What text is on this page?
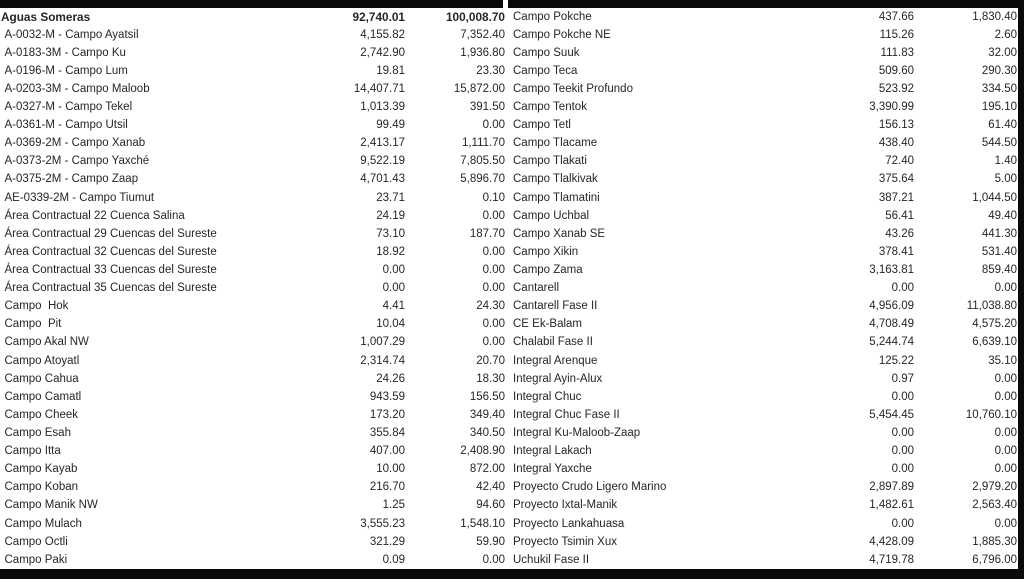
Aguas Someras	92,740.01	100,008.70
A-0032-M - Campo Ayatsil	4,155.82	7,352.40
A-0183-3M - Campo Ku	2,742.90	1,936.80
A-0196-M - Campo Lum	19.81	23.30
A-0203-3M - Campo Maloob	14,407.71	15,872.00
A-0327-M - Campo Tekel	1,013.39	391.50
A-0361-M - Campo Utsil	99.49	0.00
A-0369-2M - Campo Xanab	2,413.17	1,111.70
A-0373-2M - Campo Yaxché	9,522.19	7,805.50
A-0375-2M - Campo Zaap	4,701.43	5,896.70
AE-0339-2M - Campo Tiumut	23.71	0.10
Área Contractual 22 Cuenca Salina	24.19	0.00
Área Contractual 29 Cuencas del Sureste	73.10	187.70
Área Contractual 32 Cuencas del Sureste	18.92	0.00
Área Contractual 33 Cuencas del Sureste	0.00	0.00
Área Contractual 35 Cuencas del Sureste	0.00	0.00
Campo  Hok	4.41	24.30
Campo  Pit	10.04	0.00
Campo Akal NW	1,007.29	0.00
Campo Atoyatl	2,314.74	20.70
Campo Cahua	24.26	18.30
Campo Camatl	943.59	156.50
Campo Cheek	173.20	349.40
Campo Esah	355.84	340.50
Campo Itta	407.00	2,408.90
Campo Kayab	10.00	872.00
Campo Koban	216.70	42.40
Campo Manik NW	1.25	94.60
Campo Mulach	3,555.23	1,548.10
Campo Octli	321.29	59.90
Campo Paki	0.09	0.00
Campo Pokche	437.66	1,830.40
Campo Pokche NE	115.26	2.60
Campo Suuk	111.83	32.00
Campo Teca	509.60	290.30
Campo Teekit Profundo	523.92	334.50
Campo Tentok	3,390.99	195.10
Campo Tetl	156.13	61.40
Campo Tlacame	438.40	544.50
Campo Tlakati	72.40	1.40
Campo Tlalkivak	375.64	5.00
Campo Tlamatini	387.21	1,044.50
Campo Uchbal	56.41	49.40
Campo Xanab SE	43.26	441.30
Campo Xikin	378.41	531.40
Campo Zama	3,163.81	859.40
Cantarell	0.00	0.00
Cantarell Fase II	4,956.09	11,038.80
CE Ek-Balam	4,708.49	4,575.20
Chalabil Fase II	5,244.74	6,639.10
Integral Arenque	125.22	35.10
Integral Ayin-Alux	0.97	0.00
Integral Chuc	0.00	0.00
Integral Chuc Fase II	5,454.45	10,760.10
Integral Ku-Maloob-Zaap	0.00	0.00
Integral Lakach	0.00	0.00
Integral Yaxche	0.00	0.00
Proyecto Crudo Ligero Marino	2,897.89	2,979.20
Proyecto Ixtal-Manik	1,482.61	2,563.40
Proyecto Lankahuasa	0.00	0.00
Proyecto Tsimin Xux	4,428.09	1,885.30
Uchukil Fase II	4,719.78	6,796.00
